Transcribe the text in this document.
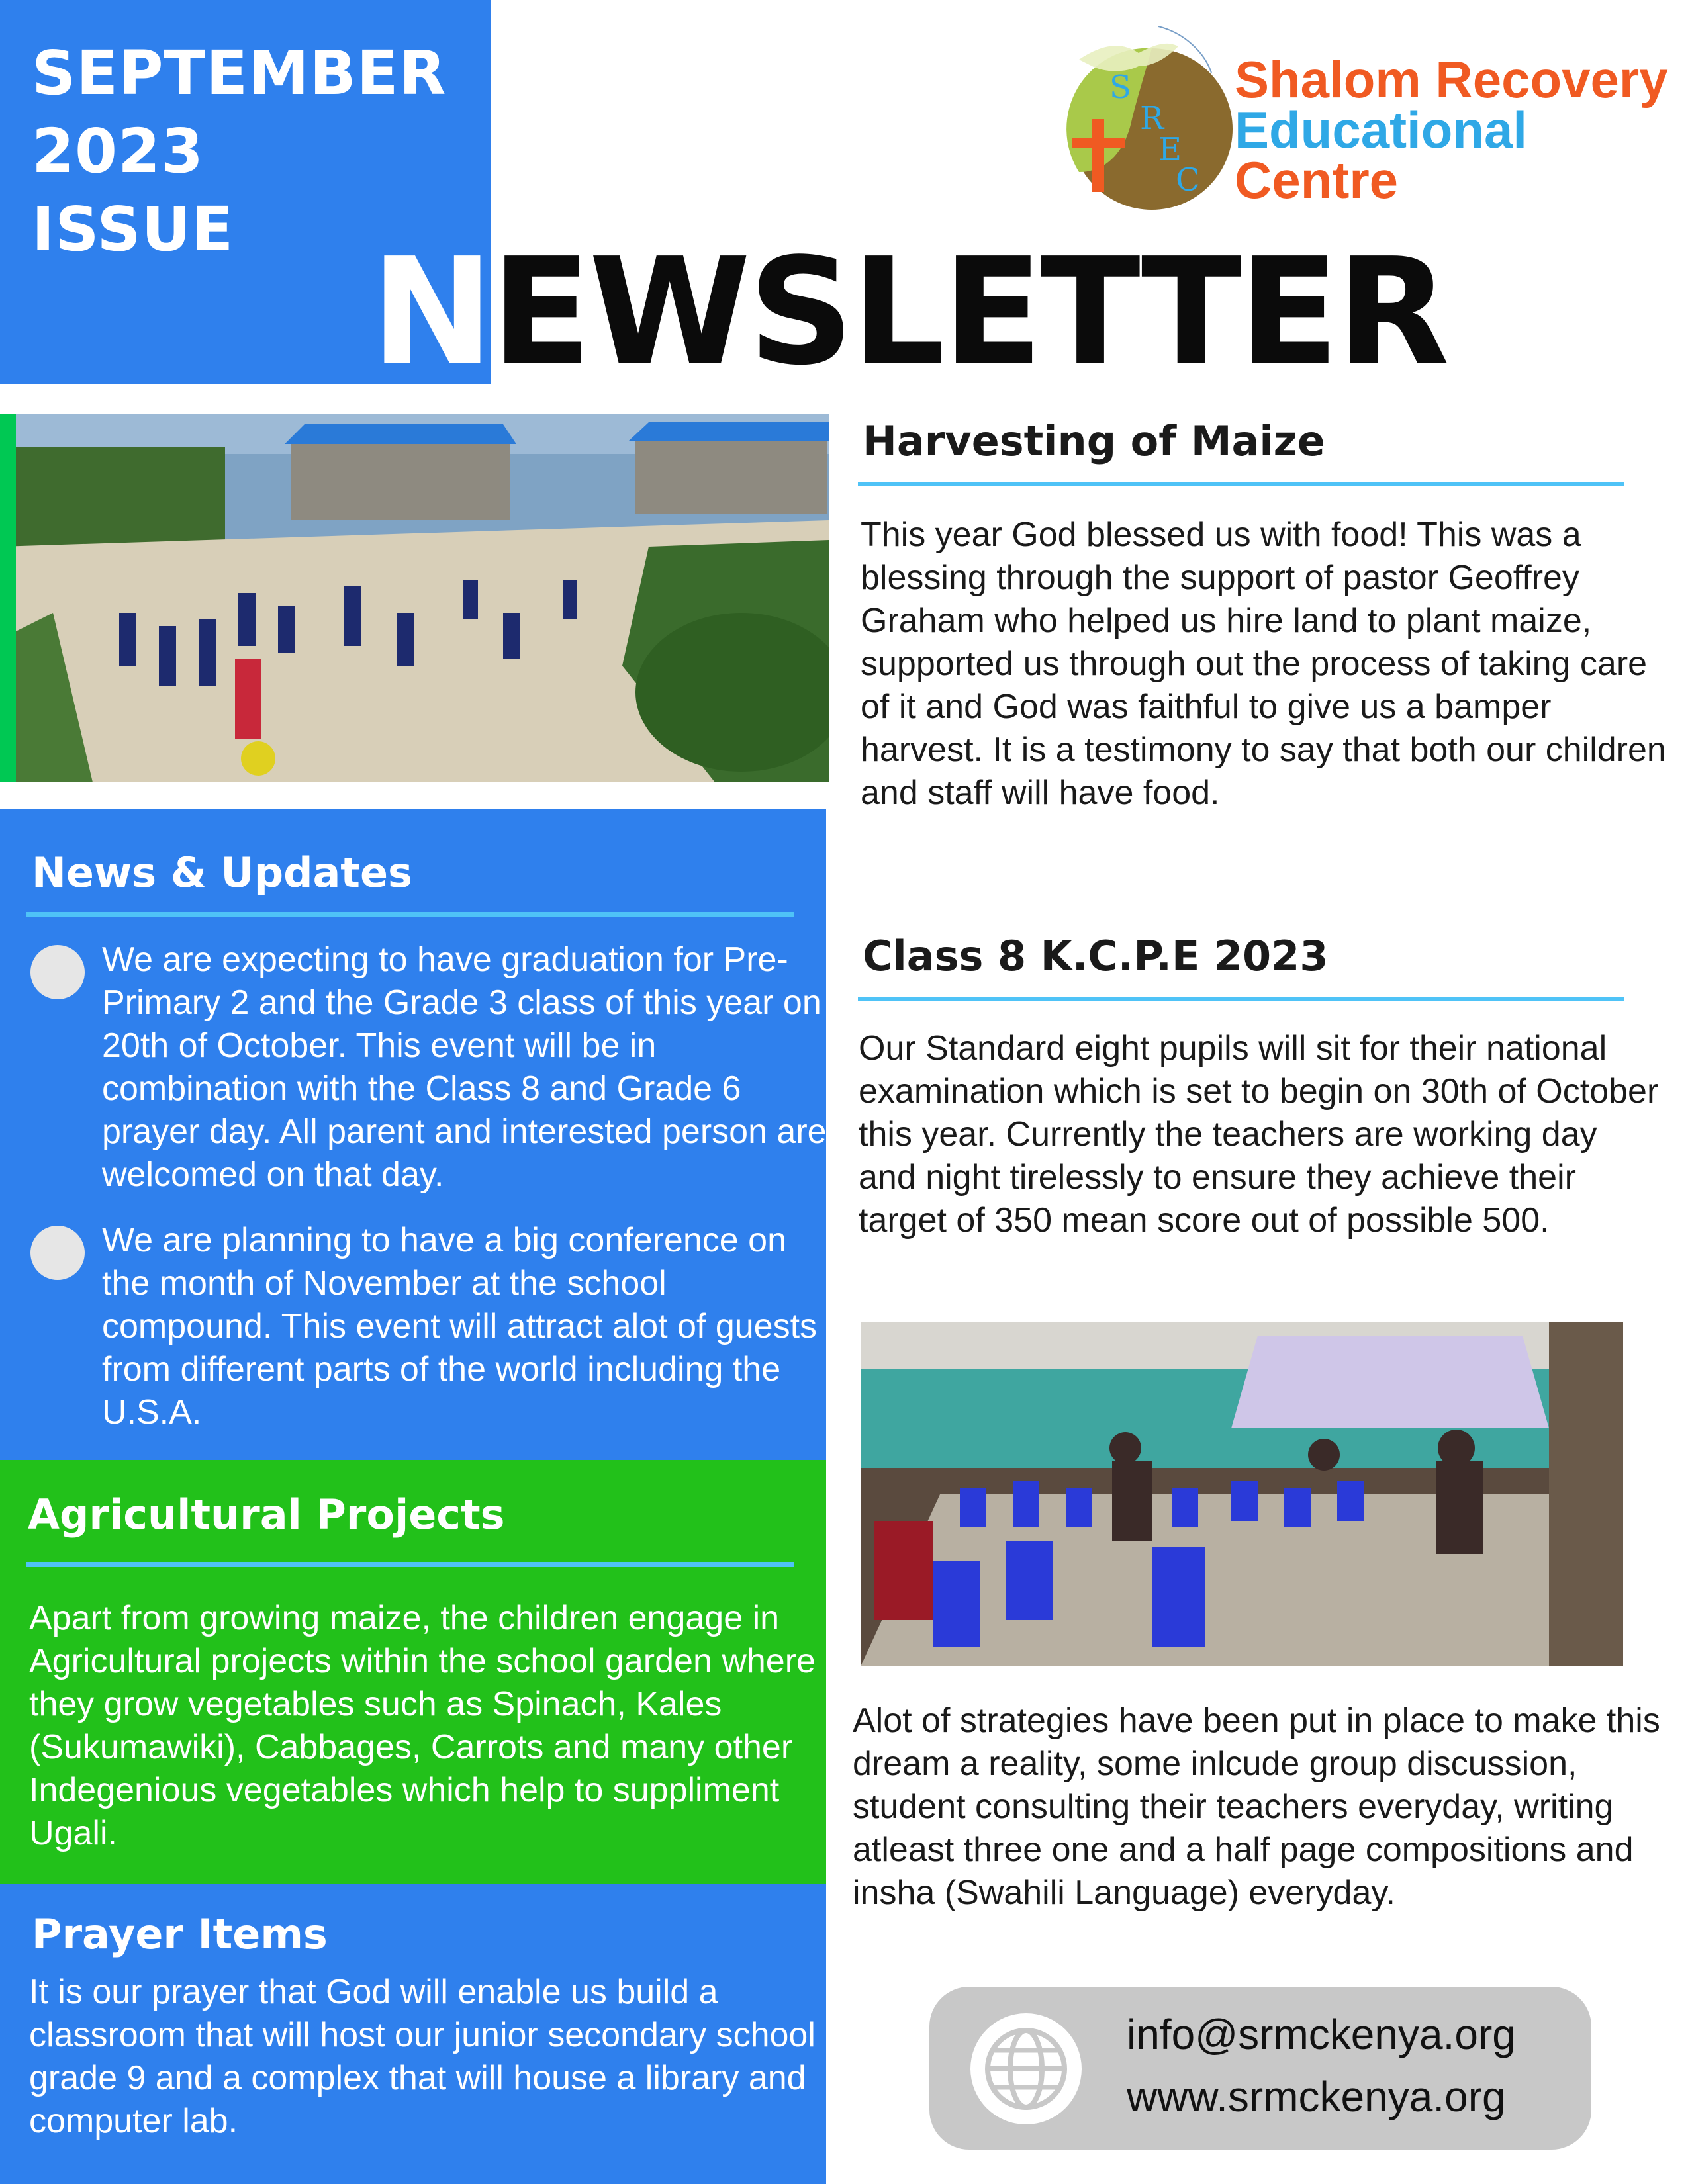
SEPTEMBER
2023
ISSUE NEWSLETTER
S
R
E
C
Shalom Recovery
Educational
Centre
Harvesting of Maize

This year God blessed us with food! This was a blessing through the support of pastor Geoffrey Graham who helped us hire land to plant maize, supported us through out the process of taking care of it and God was faithful to give us a bamper harvest. It is a testimony to say that both our children and staff will have food.

Class 8 K.C.P.E 2023

Our Standard eight pupils will sit for their national examination which is set to begin on 30th of October this year. Currently the teachers are working day and night tirelessly to ensure they achieve their target of 350 mean score out of possible 500.

Alot of strategies have been put in place to make this dream a reality, some inlcude group discussion, student consulting their teachers everyday, writing atleast three one and a half page compositions and insha (Swahili Language) everyday.

News & Updates

We are expecting to have graduation for Pre-Primary 2 and the Grade 3 class of this year on 20th of October. This event will be in combination with the Class 8 and Grade 6 prayer day. All parent and interested person are welcomed on that day.

We are planning to have a big conference on the month of November at the school compound. This event will attract alot of guests from different parts of the world including the U.S.A.

Agricultural Projects

Apart from growing maize, the children engage in Agricultural projects within the school garden where they grow vegetables such as Spinach, Kales (Sukumawiki), Cabbages, Carrots and many other Indegenious vegetables which help to suppliment Ugali.

Prayer Items

It is our prayer that God will enable us build a classroom that will host our junior secondary school grade 9 and a complex that will house a library and computer lab.

info@srmckenya.org
www.srmckenya.org
